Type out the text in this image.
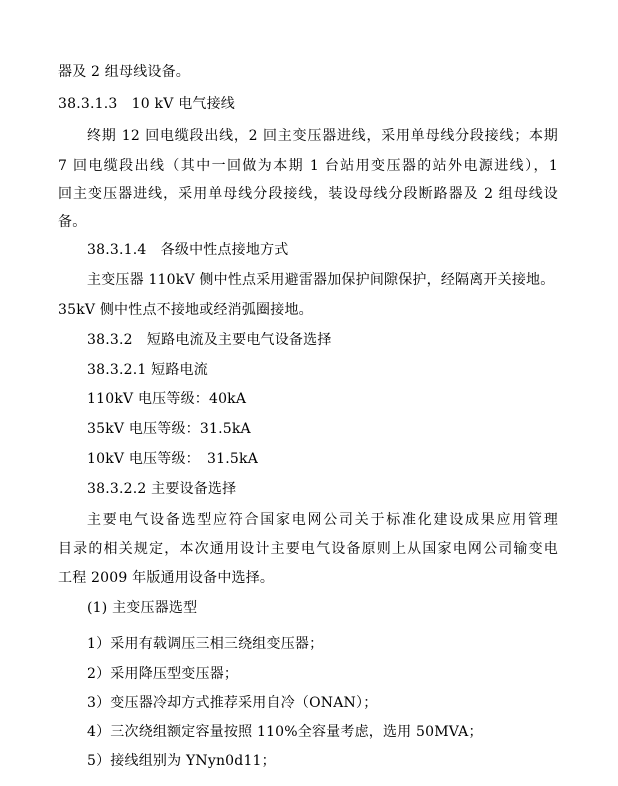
器及 2 组母线设备。
38.3.1.3　10 kV 电气接线
终期 12 回电缆段出线，2 回主变压器进线，采用单母线分段接线；本期
7 回电缆段出线（其中一回做为本期 1 台站用变压器的站外电源进线），1
回主变压器进线，采用单母线分段接线，装设母线分段断路器及 2 组母线设
备。
38.3.1.4　各级中性点接地方式
主变压器 110kV 侧中性点采用避雷器加保护间隙保护，经隔离开关接地。
35kV 侧中性点不接地或经消弧圈接地。
38.3.2　短路电流及主要电气设备选择
38.3.2.1 短路电流
110kV 电压等级：40kA
35kV 电压等级：31.5kA
10kV 电压等级：　31.5kA
38.3.2.2 主要设备选择
主要电气设备选型应符合国家电网公司关于标准化建设成果应用管理
目录的相关规定，本次通用设计主要电气设备原则上从国家电网公司输变电
工程 2009 年版通用设备中选择。
(1) 主变压器选型
1）采用有载调压三相三绕组变压器；
2）采用降压型变压器；
3）变压器冷却方式推荐采用自冷（ONAN）；
4）三次绕组额定容量按照 110%全容量考虑，选用 50MVA；
5）接线组别为 YNyn0d11；
